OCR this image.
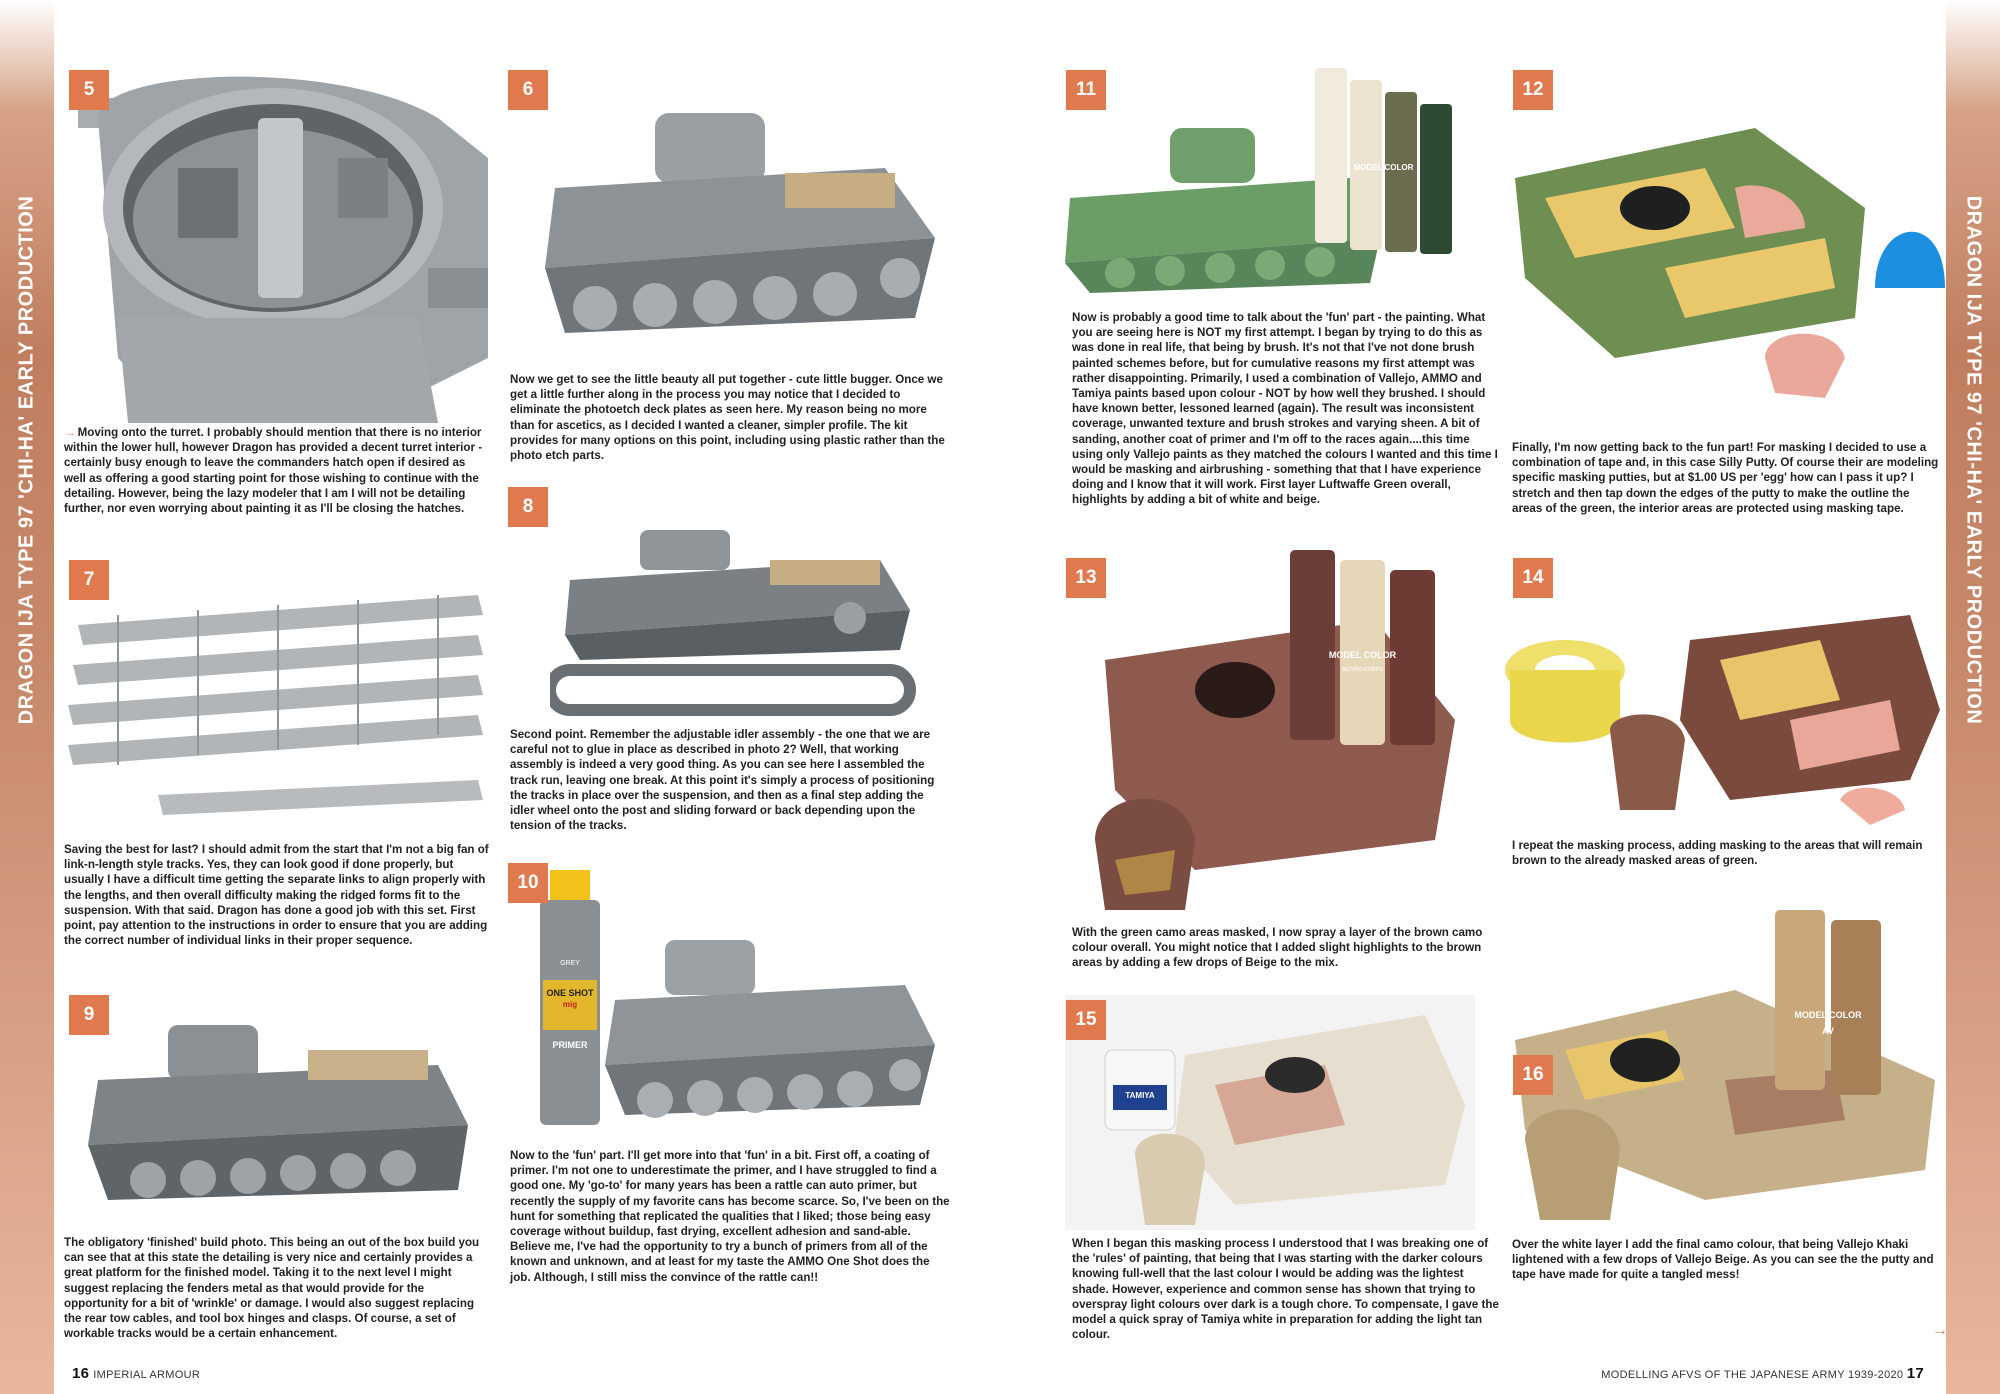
DRAGON IJA TYPE 97 'CHI-HA' EARLY PRODUCTION	DRAGON IJA TYPE 97 'CHI-HA' EARLY PRODUCTION
5
→ Moving onto the turret. I probably should mention that there is no interior within the lower hull, however Dragon has provided a decent turret interior - certainly busy enough to leave the commanders hatch open if desired as well as offering a good starting point for those wishing to continue with the detailing. However, being the lazy modeler that I am I will not be detailing further, nor even worrying about painting it as I'll be closing the hatches.
7
Saving the best for last? I should admit from the start that I'm not a big fan of link-n-length style tracks. Yes, they can look good if done properly, but usually I have a difficult time getting the separate links to align properly with the lengths, and then overall difficulty making the ridged forms fit to the suspension. With that said. Dragon has done a good job with this set. First point, pay attention to the instructions in order to ensure that you are adding the correct number of individual links in their proper sequence.
9
The obligatory 'finished' build photo. This being an out of the box build you can see that at this state the detailing is very nice and certainly provides a great platform for the finished model. Taking it to the next level I might suggest replacing the fenders metal as that would provide for the opportunity for a bit of 'wrinkle' or damage. I would also suggest replacing the rear tow cables, and tool box hinges and clasps. Of course, a set of workable tracks would be a certain enhancement.
6
Now we get to see the little beauty all put together - cute little bugger. Once we get a little further along in the process you may notice that I decided to eliminate the photoetch deck plates as seen here. My reason being no more than for ascetics, as I decided I wanted a cleaner, simpler profile. The kit provides for many options on this point, including using plastic rather than the photo etch parts.
8
Second point. Remember the adjustable idler assembly - the one that we are careful not to glue in place as described in photo 2? Well, that working assembly is indeed a very good thing. As you can see here I assembled the track run, leaving one break. At this point it's simply a process of positioning the tracks in place over the suspension, and then as a final step adding the idler wheel onto the post and sliding forward or back depending upon the tension of the tracks.
10
GREY
ONE SHOT
mig
PRIMER
Now to the 'fun' part. I'll get more into that 'fun' in a bit. First off, a coating of primer. I'm not one to underestimate the primer, and I have struggled to find a good one. My 'go-to' for many years has been a rattle can auto primer, but recently the supply of my favorite cans has become scarce. So, I've been on the hunt for something that replicated the qualities that I liked; those being easy coverage without buildup, fast drying, excellent adhesion and sand-able. Believe me, I've had the opportunity to try a bunch of primers from all of the known and unknown, and at least for my taste the AMMO One Shot does the job. Although, I still miss the convince of the rattle can!!
11
MODEL COLOR
Now is probably a good time to talk about the 'fun' part - the painting. What you are seeing here is NOT my first attempt. I began by trying to do this as was done in real life, that being by brush. It's not that I've not done brush painted schemes before, but for cumulative reasons my first attempt was rather disappointing. Primarily, I used a combination of Vallejo, AMMO and Tamiya paints based upon colour - NOT by how well they brushed. I should have known better, lessoned learned (again). The result was inconsistent coverage, unwanted texture and brush strokes and varying sheen. A bit of sanding, another coat of primer and I'm off to the races again....this time using only Vallejo paints as they matched the colours I wanted and this time I would be masking and airbrushing - something that that I have experience doing and I know that it will work. First layer Luftwaffe Green overall, highlights by adding a bit of white and beige.
13
MODEL COLOR
acrylic-colors
With the green camo areas masked, I now spray a layer of the brown camo colour overall. You might notice that I added slight highlights to the brown areas by adding a few drops of Beige to the mix.
15
TAMIYA
When I began this masking process I understood that I was breaking one of the 'rules' of painting, that being that I was starting with the darker colours knowing full-well that the last colour I would be adding was the lightest shade. However, experience and common sense has shown that trying to overspray light colours over dark is a tough chore. To compensate, I gave the model a quick spray of Tamiya white in preparation for adding the light tan colour.
12
Finally, I'm now getting back to the fun part! For masking I decided to use a combination of tape and, in this case Silly Putty. Of course their are modeling specific masking putties, but at $1.00 US per 'egg' how can I pass it up? I stretch and then tap down the edges of the putty to make the outline the areas of the green, the interior areas are protected using masking tape.
14
I repeat the masking process, adding masking to the areas that will remain brown to the already masked areas of green.
16
MODEL COLOR
AV
Over the white layer I add the final camo colour, that being Vallejo Khaki lightened with a few drops of Vallejo Beige. As you can see the the putty and tape have made for quite a tangled mess!
→
16 IMPERIAL ARMOUR	MODELLING AFVS OF THE JAPANESE ARMY 1939-2020 17
